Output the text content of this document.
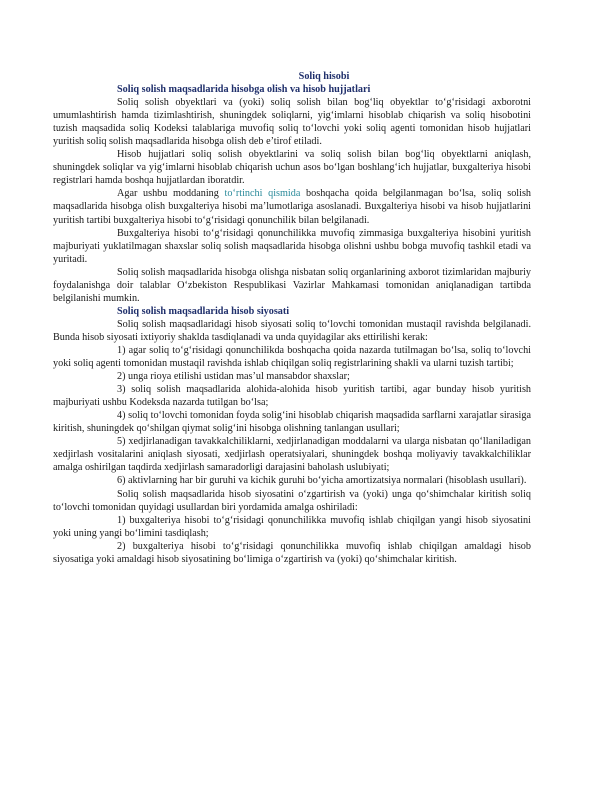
Soliq hisobi

Soliq solish maqsadlarida hisobga olish va hisob hujjatlari

Soliq solish obyektlari va (yoki) soliq solish bilan bog‘liq obyektlar to‘g‘risidagi axborotni umumlashtirish hamda tizimlashtirish, shuningdek soliqlarni, yig‘imlarni hisoblab chiqarish va soliq hisobotini tuzish maqsadida soliq Kodeksi talablariga muvofiq soliq to‘lovchi yoki soliq agenti tomonidan hisob hujjatlari yuritish soliq solish maqsadlarida hisobga olish deb e’tirof etiladi.

Hisob hujjatlari soliq solish obyektlarini va soliq solish bilan bog‘liq obyektlarni aniqlash, shuningdek soliqlar va yig‘imlarni hisoblab chiqarish uchun asos bo‘lgan boshlang‘ich hujjatlar, buxgalteriya hisobi registrlari hamda boshqa hujjatlardan iboratdir.

Agar ushbu moddaning to‘rtinchi qismida boshqacha qoida belgilanmagan bo‘lsa, soliq solish maqsadlarida hisobga olish buxgalteriya hisobi ma’lumotlariga asoslanadi. Buxgalteriya hisobi va hisob hujjatlarini yuritish tartibi buxgalteriya hisobi to‘g‘risidagi qonunchilik bilan belgilanadi.

Buxgalteriya hisobi to‘g‘risidagi qonunchilikka muvofiq zimmasiga buxgalteriya hisobini yuritish majburiyati yuklatilmagan shaxslar soliq solish maqsadlarida hisobga olishni ushbu bobga muvofiq tashkil etadi va yuritadi.

Soliq solish maqsadlarida hisobga olishga nisbatan soliq organlarining axborot tizimlaridan majburiy foydalanishga doir talablar O‘zbekiston Respublikasi Vazirlar Mahkamasi tomonidan aniqlanadigan tartibda belgilanishi mumkin.

Soliq solish maqsadlarida hisob siyosati

Soliq solish maqsadlaridagi hisob siyosati soliq to‘lovchi tomonidan mustaqil ravishda belgilanadi. Bunda hisob siyosati ixtiyoriy shaklda tasdiqlanadi va unda quyidagilar aks ettirilishi kerak:

1) agar soliq to‘g‘risidagi qonunchilikda boshqacha qoida nazarda tutilmagan bo‘lsa, soliq to‘lovchi yoki soliq agenti tomonidan mustaqil ravishda ishlab chiqilgan soliq registrlarining shakli va ularni tuzish tartibi;

2) unga rioya etilishi ustidan mas’ul mansabdor shaxslar;

3) soliq solish maqsadlarida alohida-alohida hisob yuritish tartibi, agar bunday hisob yuritish majburiyati ushbu Kodeksda nazarda tutilgan bo‘lsa;

4) soliq to‘lovchi tomonidan foyda solig‘ini hisoblab chiqarish maqsadida sarflarni xarajatlar sirasiga kiritish, shuningdek qo‘shilgan qiymat solig‘ini hisobga olishning tanlangan usullari;

5) xedjirlanadigan tavakkalchiliklarni, xedjirlanadigan moddalarni va ularga nisbatan qo‘llaniladigan xedjirlash vositalarini aniqlash siyosati, xedjirlash operatsiyalari, shuningdek boshqa moliyaviy tavakkalchiliklar amalga oshirilgan taqdirda xedjirlash samaradorligi darajasini baholash uslubiyati;

6) aktivlarning har bir guruhi va kichik guruhi bo‘yicha amortizatsiya normalari (hisoblash usullari).

Soliq solish maqsadlarida hisob siyosatini o‘zgartirish va (yoki) unga qo‘shimchalar kiritish soliq to‘lovchi tomonidan quyidagi usullardan biri yordamida amalga oshiriladi:

1) buxgalteriya hisobi to‘g‘risidagi qonunchilikka muvofiq ishlab chiqilgan yangi hisob siyosatini yoki uning yangi bo‘limini tasdiqlash;

2) buxgalteriya hisobi to‘g‘risidagi qonunchilikka muvofiq ishlab chiqilgan amaldagi hisob siyosatiga yoki amaldagi hisob siyosatining bo‘limiga o‘zgartirish va (yoki) qo‘shimchalar kiritish.
